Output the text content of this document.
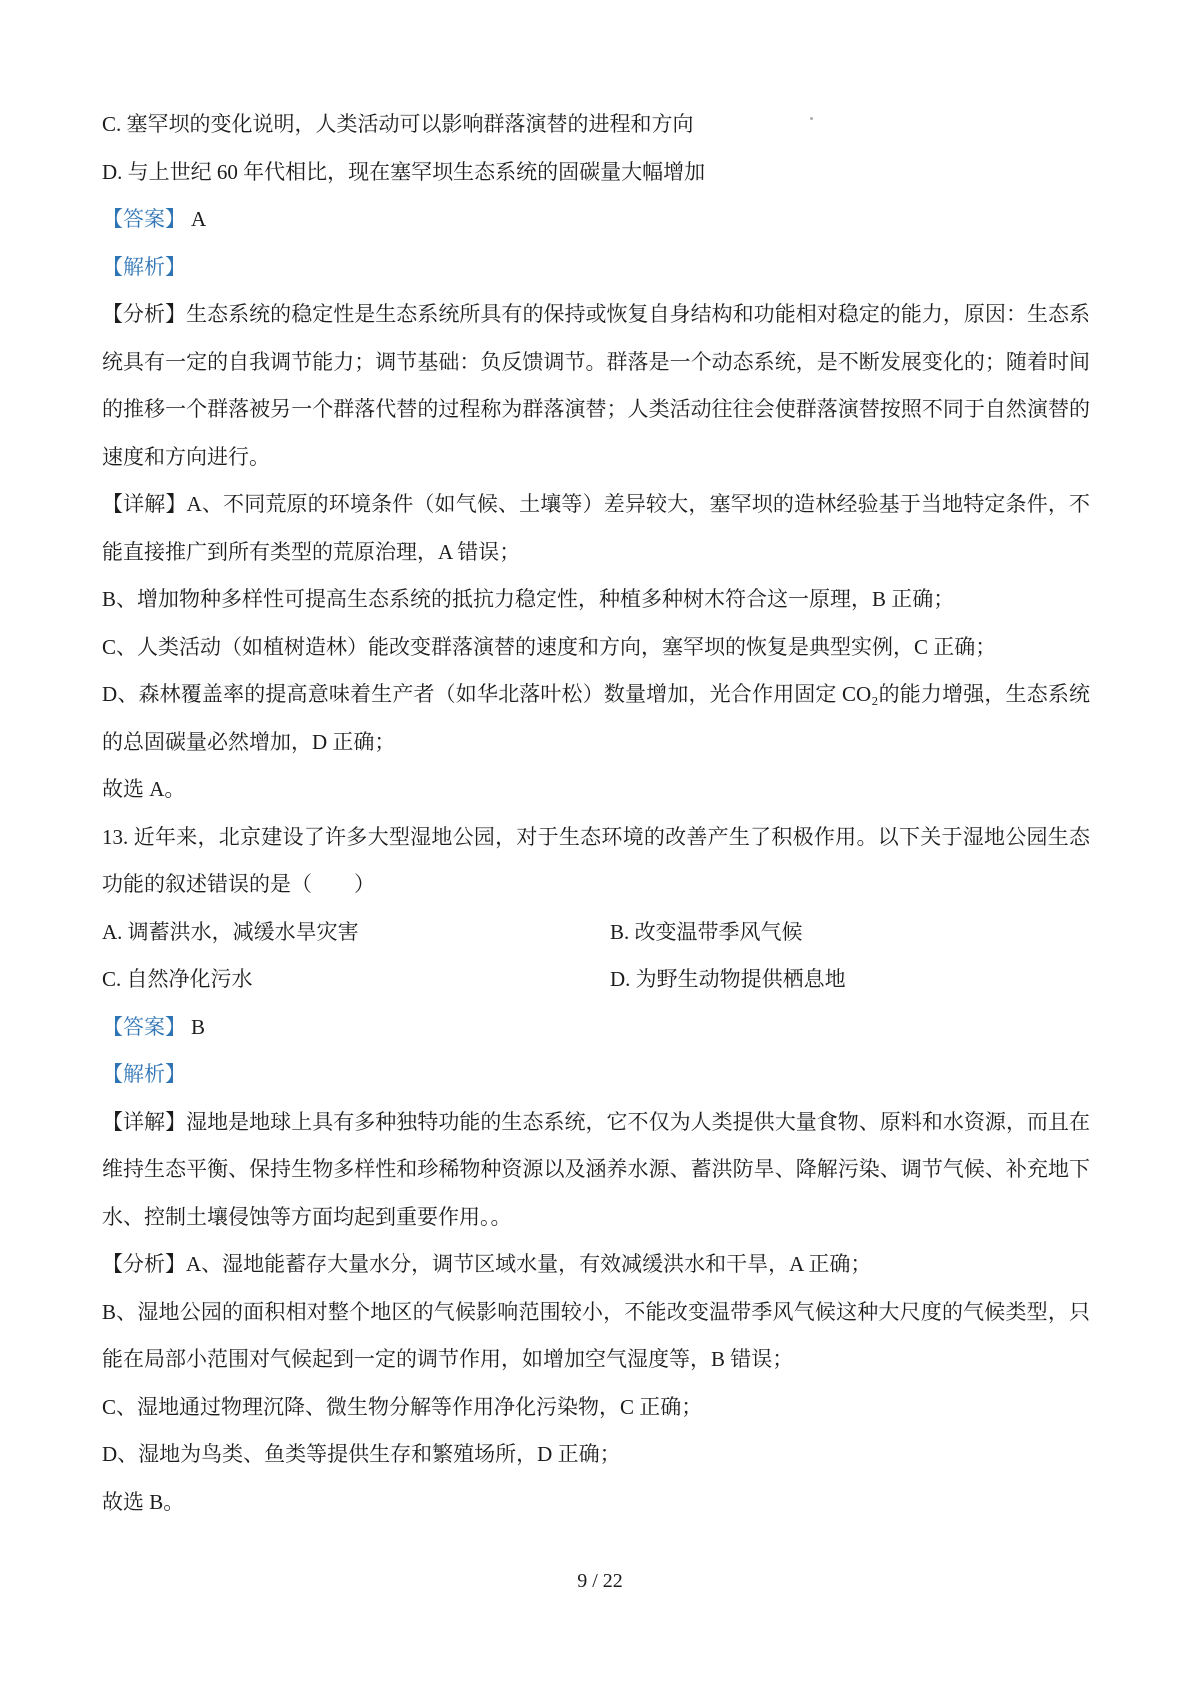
C. 塞罕坝的变化说明，人类活动可以影响群落演替的进程和方向

D. 与上世纪 60 年代相比，现在塞罕坝生态系统的固碳量大幅增加

【答案】 A

【解析】

【分析】生态系统的稳定性是生态系统所具有的保持或恢复自身结构和功能相对稳定的能力，原因：生态系统具有一定的自我调节能力；调节基础：负反馈调节。群落是一个动态系统，是不断发展变化的；随着时间的推移一个群落被另一个群落代替的过程称为群落演替；人类活动往往会使群落演替按照不同于自然演替的速度和方向进行。

【详解】A、不同荒原的环境条件（如气候、土壤等）差异较大，塞罕坝的造林经验基于当地特定条件，不能直接推广到所有类型的荒原治理，A 错误；

B、增加物种多样性可提高生态系统的抵抗力稳定性，种植多种树木符合这一原理，B 正确；

C、人类活动（如植树造林）能改变群落演替的速度和方向，塞罕坝的恢复是典型实例，C 正确；

D、森林覆盖率的提高意味着生产者（如华北落叶松）数量增加，光合作用固定 CO₂的能力增强，生态系统的总固碳量必然增加，D 正确；

故选 A。

13. 近年来，北京建设了许多大型湿地公园，对于生态环境的改善产生了积极作用。以下关于湿地公园生态功能的叙述错误的是（　　）

A. 调蓄洪水，减缓水旱灾害	B. 改变温带季风气候
C. 自然净化污水	D. 为野生动物提供栖息地

【答案】 B

【解析】

【详解】湿地是地球上具有多种独特功能的生态系统，它不仅为人类提供大量食物、原料和水资源，而且在维持生态平衡、保持生物多样性和珍稀物种资源以及涵养水源、蓄洪防旱、降解污染、调节气候、补充地下水、控制土壤侵蚀等方面均起到重要作用。。

【分析】A、湿地能蓄存大量水分，调节区域水量，有效减缓洪水和干旱，A 正确；

B、湿地公园的面积相对整个地区的气候影响范围较小，不能改变温带季风气候这种大尺度的气候类型，只能在局部小范围对气候起到一定的调节作用，如增加空气湿度等，B 错误；

C、湿地通过物理沉降、微生物分解等作用净化污染物，C 正确；

D、湿地为鸟类、鱼类等提供生存和繁殖场所，D 正确；

故选 B。

9 / 22
